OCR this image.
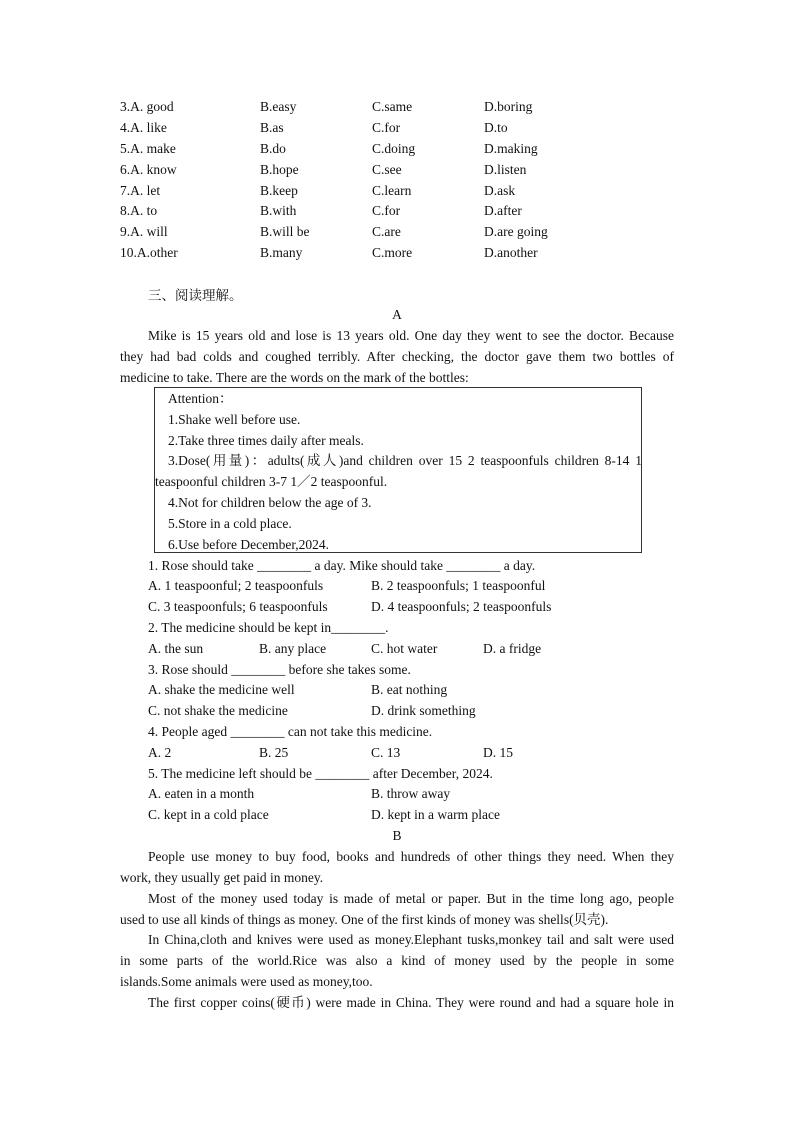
3.A. good	B.easy	C.same	D.boring
4.A. like	B.as	C.for	D.to
5.A. make	B.do	C.doing	D.making
6.A. know	B.hope	C.see	D.listen
7.A. let	B.keep	C.learn	D.ask
8.A. to	B.with	C.for	D.after
9.A. will	B.will be	C.are	D.are going
10.A.other	B.many	C.more	D.another
三、阅读理解。
A
Mike is 15 years old and lose is 13 years old. One day they went to see the doctor. Because
they had bad colds and coughed terribly. After checking, the doctor gave them two bottles of
medicine to take. There are the words on the mark of the bottles:
Attention：
1.Shake well before use.
2.Take three times daily after meals.
3.Dose(用量)：adults(成人)and children over 15 2 teaspoonfuls children 8-14 1
teaspoonful children 3-7 1／2 teaspoonful.
4.Not for children below the age of 3.
5.Store in a cold place.
6.Use before December,2024.
1. Rose should take ________ a day. Mike should take ________ a day.
A. 1 teaspoonful; 2 teaspoonfuls	B. 2 teaspoonfuls; 1 teaspoonful
C. 3 teaspoonfuls; 6 teaspoonfuls	D. 4 teaspoonfuls; 2 teaspoonfuls
2. The medicine should be kept in________.
A. the sun	B. any place	C. hot water	D. a fridge
3. Rose should ________ before she takes some.
A. shake the medicine well	B. eat nothing
C. not shake the medicine	D. drink something
4. People aged ________ can not take this medicine.
A. 2	B. 25	C. 13	D. 15
5. The medicine left should be ________ after December, 2024.
A. eaten in a month	B. throw away
C. kept in a cold place	D. kept in a warm place
B
People use money to buy food, books and hundreds of other things they need. When they
work, they usually get paid in money.
Most of the money used today is made of metal or paper. But in the time long ago, people
used to use all kinds of things as money. One of the first kinds of money was shells(贝壳).
In China,cloth and knives were used as money.Elephant tusks,monkey tail and salt were used
in some parts of the world.Rice was also a kind of money used by the people in some
islands.Some animals were used as money,too.
The first copper coins(硬币) were made in China. They were round and had a square hole in
